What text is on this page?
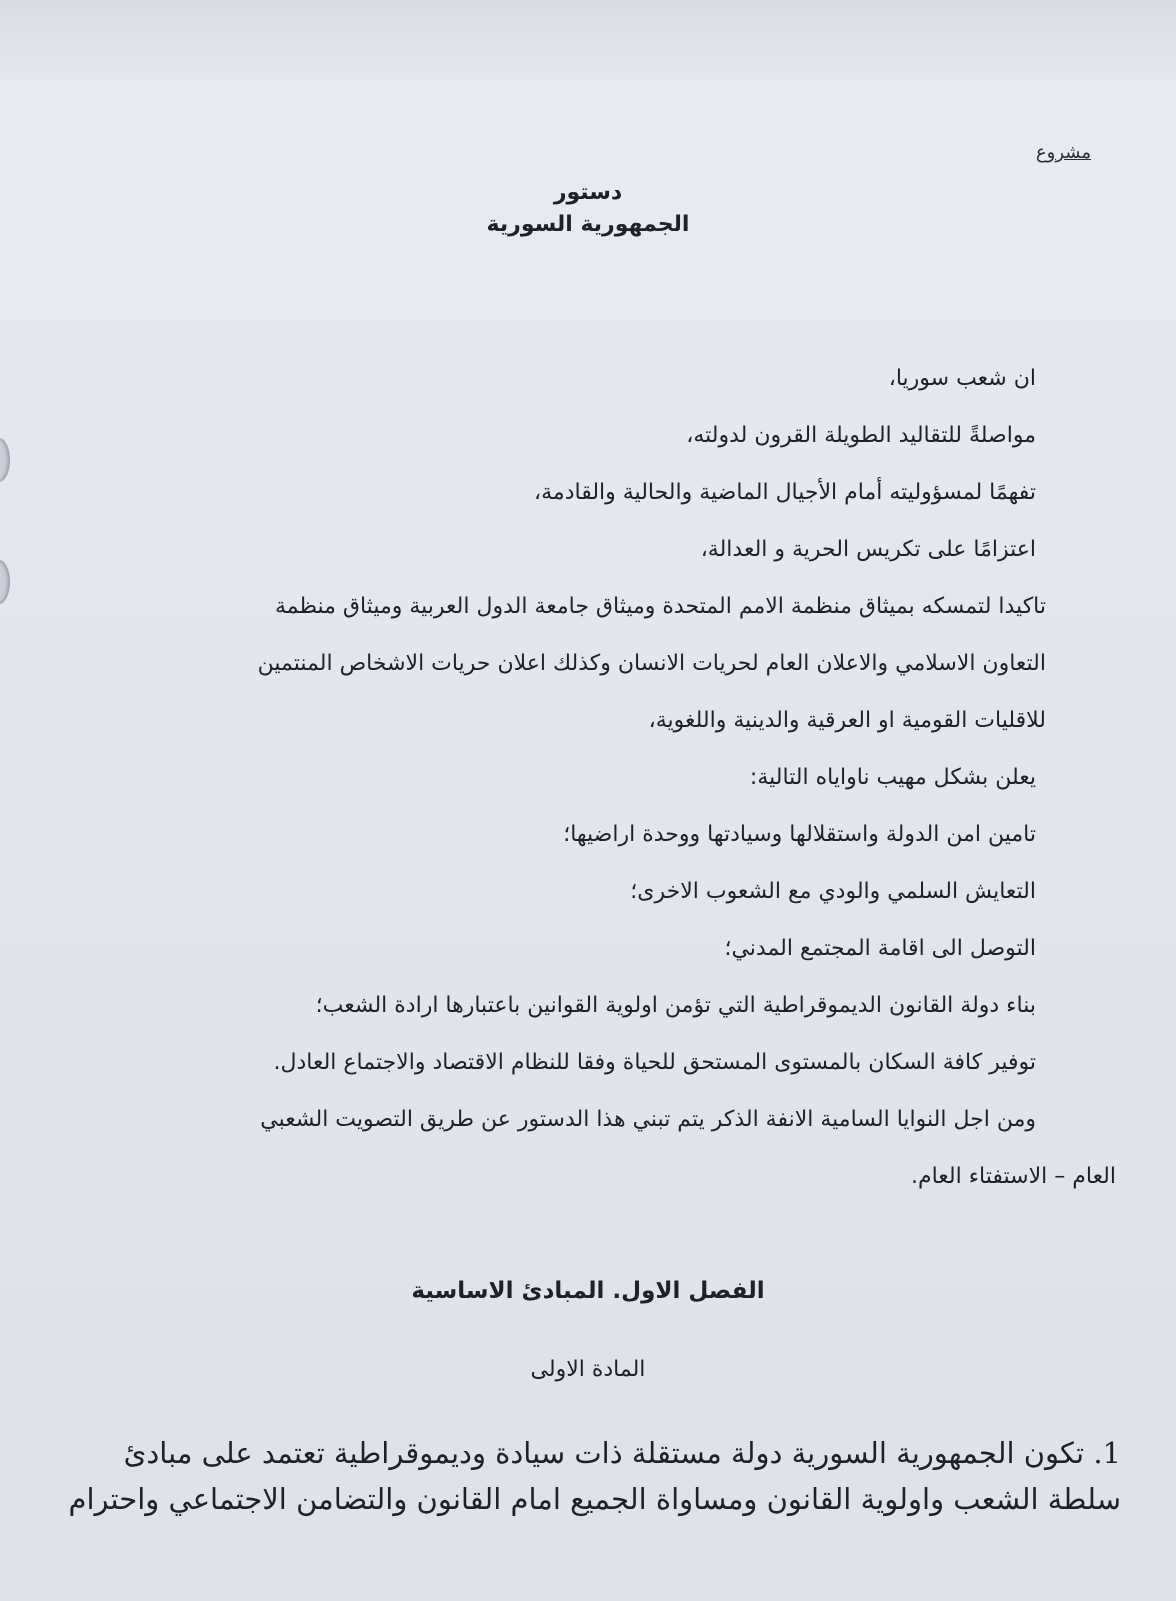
مشروع

دستور

الجمهورية السورية

ان شعب سوريا،
مواصلةً للتقاليد الطويلة القرون لدولته،
تفهمًا لمسؤوليته أمام الأجيال الماضية والحالية والقادمة،
اعتزامًا على تكريس الحرية و العدالة،
تاكيدا لتمسكه بميثاق منظمة الامم المتحدة وميثاق جامعة الدول العربية وميثاق منظمة
التعاون الاسلامي والاعلان العام لحريات الانسان وكذلك اعلان حريات الاشخاص المنتمين
للاقليات القومية او العرقية والدينية واللغوية،
يعلن بشكل مهيب ناواياه التالية:
تامين امن الدولة واستقلالها وسيادتها ووحدة اراضيها؛
التعايش السلمي والودي مع الشعوب الاخرى؛
التوصل الى اقامة المجتمع المدني؛
بناء دولة القانون الديموقراطية التي تؤمن اولوية القوانين باعتبارها ارادة الشعب؛
توفير كافة السكان بالمستوى المستحق للحياة وفقا للنظام الاقتصاد والاجتماع العادل.
ومن اجل النوايا السامية الانفة الذكر يتم تبني هذا الدستور عن طريق التصويت الشعبي
العام – الاستفتاء العام.

الفصل الاول. المبادئ الاساسية

المادة الاولى

1. تكون الجمهورية السورية دولة مستقلة ذات سيادة وديموقراطية تعتمد على مبادئ
سلطة الشعب واولوية القانون ومساواة الجميع امام القانون والتضامن الاجتماعي واحترام
